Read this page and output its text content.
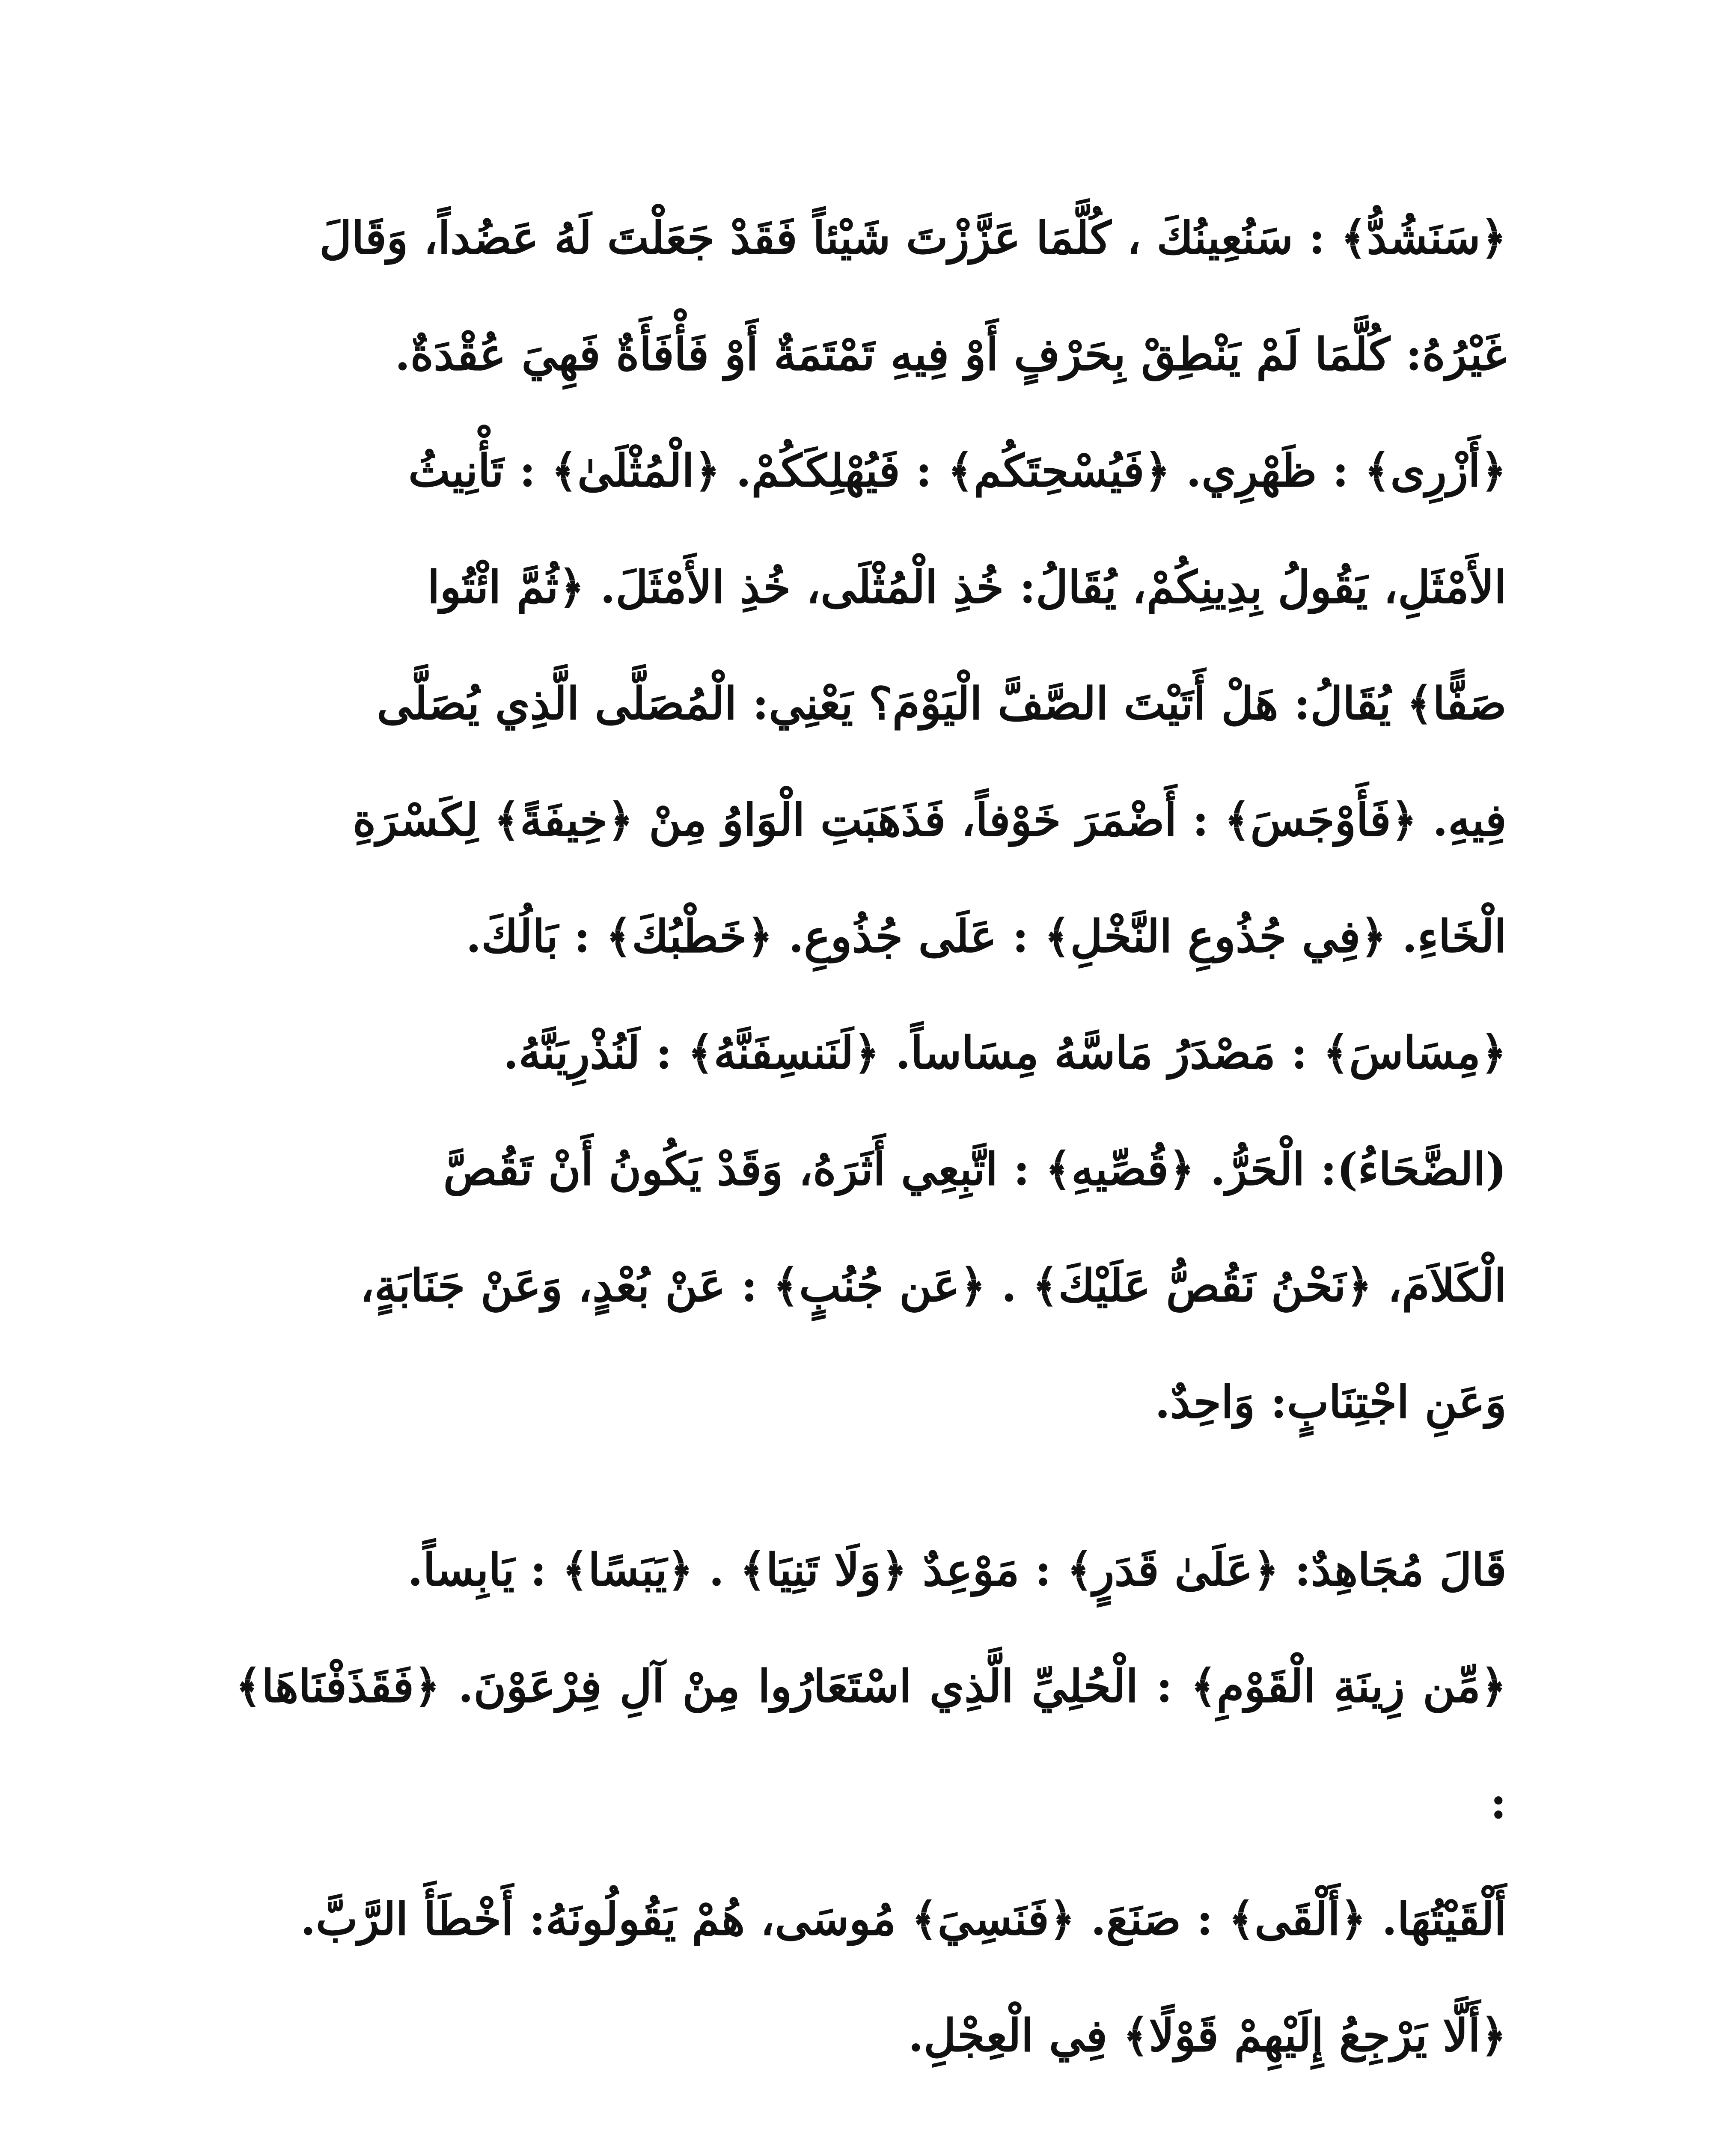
﴿سَنَشُدُّ﴾ : سَنُعِينُكَ ، كُلَّمَا عَزَّزْتَ شَيْئاً فَقَدْ جَعَلْتَ لَهُ عَضُداً، وَقَالَ

غَيْرُهُ: كُلَّمَا لَمْ يَنْطِقْ بِحَرْفٍ أَوْ فِيهِ تَمْتَمَةٌ أَوْ فَأْفَأَةٌ فَهِيَ عُقْدَةٌ.

﴿أَزْرِى﴾ : ظَهْرِي. ﴿فَيُسْحِتَكُم﴾ : فَيُهْلِكَكُمْ. ﴿الْمُثْلَىٰ﴾ : تَأْنِيثُ

الأَمْثَلِ، يَقُولُ بِدِينِكُمْ، يُقَالُ: خُذِ الْمُثْلَى، خُذِ الأَمْثَلَ. ﴿ثُمَّ ائْتُوا

صَفًّا﴾ يُقَالُ: هَلْ أَتَيْتَ الصَّفَّ الْيَوْمَ؟ يَعْنِي: الْمُصَلَّى الَّذِي يُصَلَّى

فِيهِ. ﴿فَأَوْجَسَ﴾ : أَضْمَرَ خَوْفاً، فَذَهَبَتِ الْوَاوُ مِنْ ﴿خِيفَةً﴾ لِكَسْرَةِ

الْخَاءِ. ﴿فِي جُذُوعِ النَّخْلِ﴾ : عَلَى جُذُوعِ. ﴿خَطْبُكَ﴾ : بَالُكَ.

﴿مِسَاسَ﴾ : مَصْدَرُ مَاسَّهُ مِسَاساً. ﴿لَنَنسِفَنَّهُ﴾ : لَنُذْرِيَنَّهُ.

(الضَّحَاءُ): الْحَرُّ. ﴿قُصِّيهِ﴾ : اتَّبِعِي أَثَرَهُ، وَقَدْ يَكُونُ أَنْ تَقُصَّ

الْكَلاَمَ، ﴿نَحْنُ نَقُصُّ عَلَيْكَ﴾ . ﴿عَن جُنُبٍ﴾ : عَنْ بُعْدٍ، وَعَنْ جَنَابَةٍ،

وَعَنِ اجْتِنَابٍ: وَاحِدٌ.

قَالَ مُجَاهِدٌ: ﴿عَلَىٰ قَدَرٍ﴾ : مَوْعِدٌ ﴿وَلَا تَنِيَا﴾ . ﴿يَبَسًا﴾ : يَابِساً.

﴿مِّن زِينَةِ الْقَوْمِ﴾ : الْحُلِيِّ الَّذِي اسْتَعَارُوا مِنْ آلِ فِرْعَوْنَ. ﴿فَقَذَفْنَاهَا﴾ :

أَلْقَيْتُهَا. ﴿أَلْقَى﴾ : صَنَعَ. ﴿فَنَسِيَ﴾ مُوسَى، هُمْ يَقُولُونَهُ: أَخْطَأَ الرَّبَّ.

﴿أَلَّا يَرْجِعُ إِلَيْهِمْ قَوْلًا﴾ فِي الْعِجْلِ.
